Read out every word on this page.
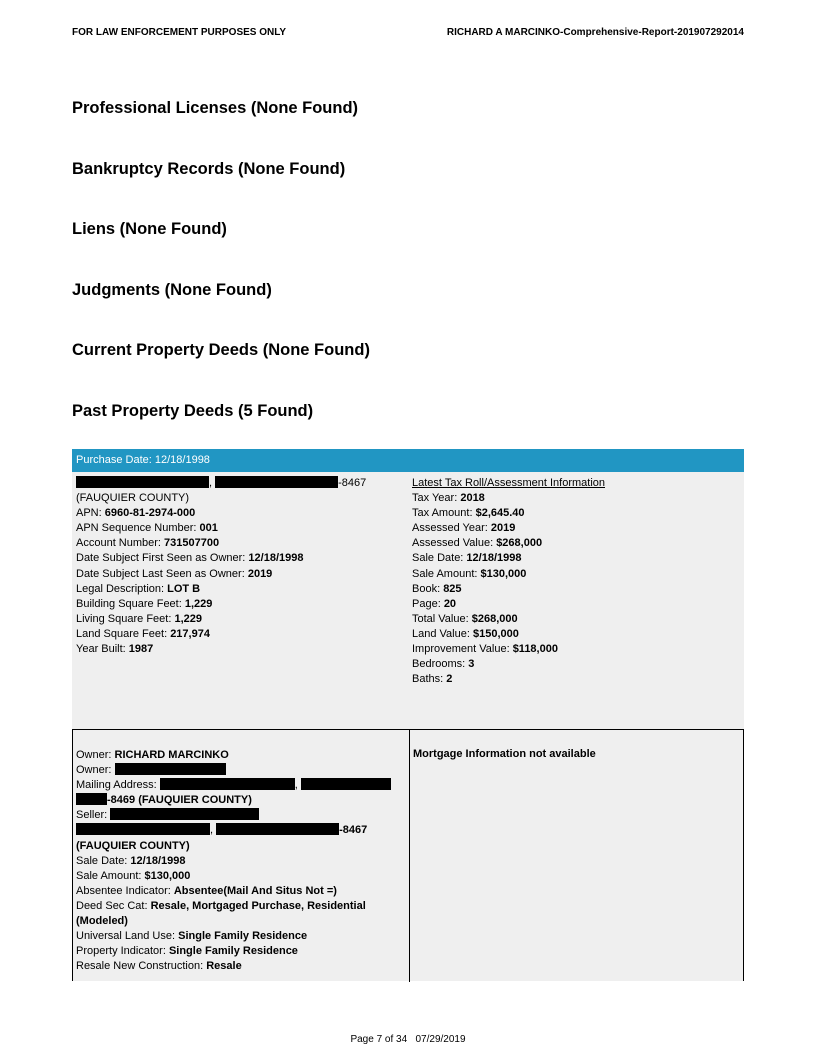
FOR LAW ENFORCEMENT PURPOSES ONLY	RICHARD A MARCINKO-Comprehensive-Report-201907292014
Professional Licenses (None Found)
Bankruptcy Records (None Found)
Liens (None Found)
Judgments (None Found)
Current Property Deeds (None Found)
Past Property Deeds (5 Found)
Purchase Date: 12/18/1998
,	-8467
(FAUQUIER COUNTY)
APN: 6960-81-2974-000
APN Sequence Number: 001
Account Number: 731507700
Date Subject First Seen as Owner: 12/18/1998
Date Subject Last Seen as Owner: 2019
Legal Description: LOT B
Building Square Feet: 1,229
Living Square Feet: 1,229
Land Square Feet: 217,974
Year Built: 1987
Latest Tax Roll/Assessment Information
Tax Year: 2018
Tax Amount: $2,645.40
Assessed Year: 2019
Assessed Value: $268,000
Sale Date: 12/18/1998
Sale Amount: $130,000
Book: 825
Page: 20
Total Value: $268,000
Land Value: $150,000
Improvement Value: $118,000
Bedrooms: 3
Baths: 2
Owner: RICHARD MARCINKO
Owner:
Mailing Address:	,
-8469 (FAUQUIER COUNTY)
Seller:
,	-8467
(FAUQUIER COUNTY)
Sale Date: 12/18/1998
Sale Amount: $130,000
Absentee Indicator: Absentee(Mail And Situs Not =)
Deed Sec Cat: Resale, Mortgaged Purchase, Residential
(Modeled)
Universal Land Use: Single Family Residence
Property Indicator: Single Family Residence
Resale New Construction: Resale
Mortgage Information not available
Page 7 of 34 07/29/2019
